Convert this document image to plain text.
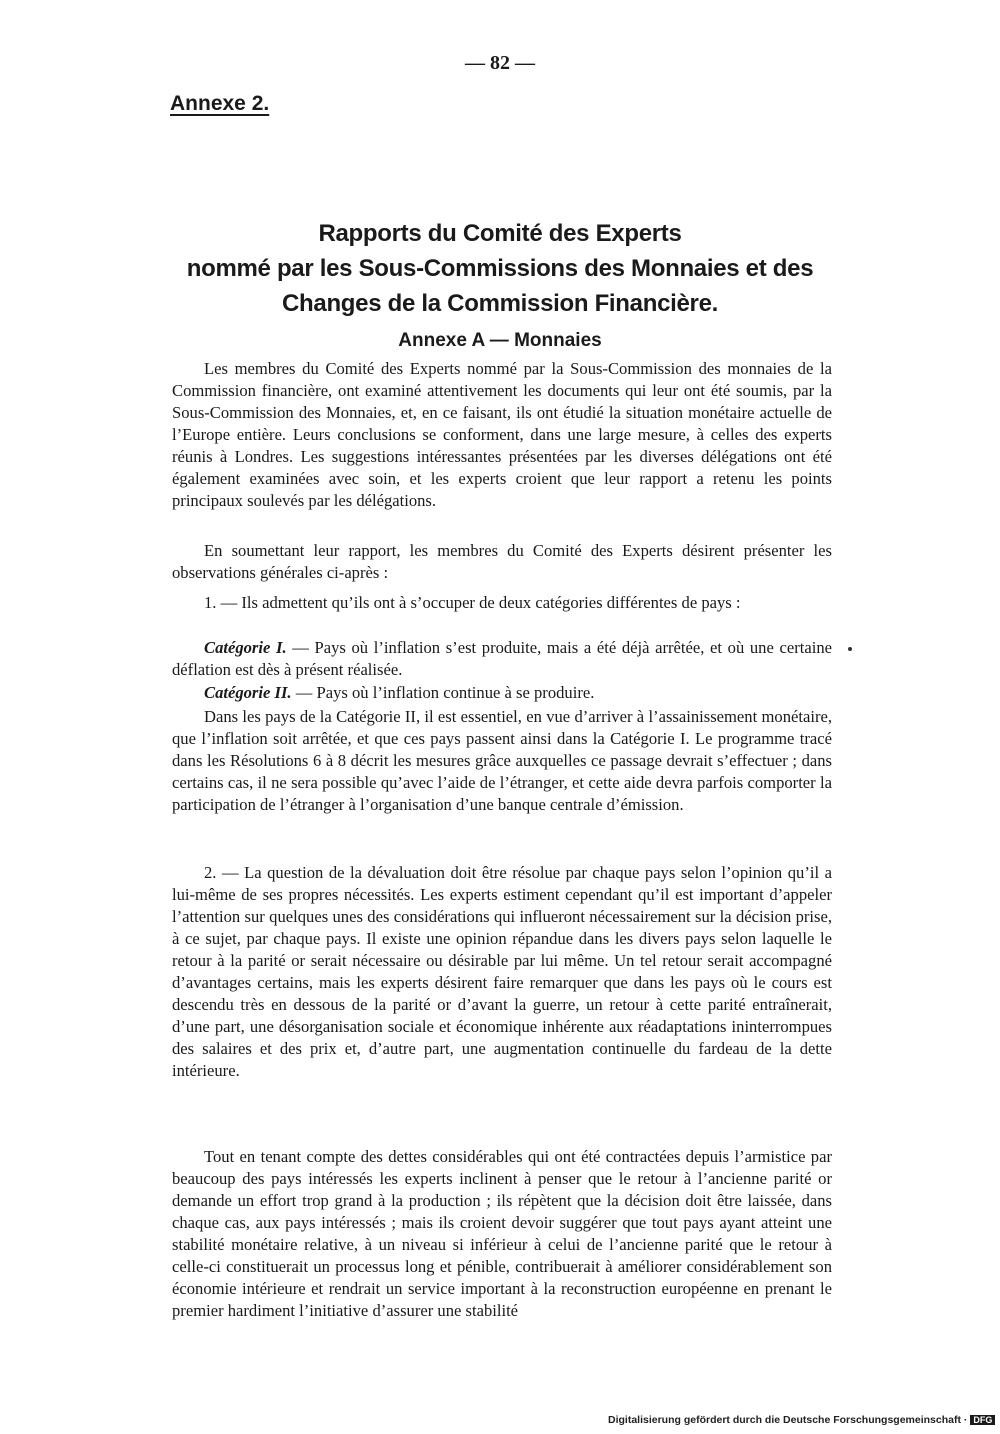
— 82 —
Annexe 2.
Rapports du Comité des Experts
nommé par les Sous-Commissions des Monnaies et des
Changes de la Commission Financière.
Annexe A — Monnaies

Les membres du Comité des Experts nommé par la Sous-Commission des monnaies de la Commission financière, ont examiné attentivement les documents qui leur ont été soumis, par la Sous-Commission des Monnaies, et, en ce faisant, ils ont étudié la situation monétaire actuelle de l’Europe entière. Leurs conclusions se conforment, dans une large mesure, à celles des experts réunis à Londres. Les suggestions intéressantes présentées par les diverses délégations ont été également examinées avec soin, et les experts croient que leur rapport a retenu les points principaux soulevés par les délégations.

En soumettant leur rapport, les membres du Comité des Experts désirent présenter les observations générales ci-après :

1. — Ils admettent qu’ils ont à s’occuper de deux catégories différentes de pays :

Catégorie I. — Pays où l’inflation s’est produite, mais a été déjà arrêtée, et où une certaine déflation est dès à présent réalisée.

Catégorie II. — Pays où l’inflation continue à se produire.

Dans les pays de la Catégorie II, il est essentiel, en vue d’arriver à l’assainissement monétaire, que l’inflation soit arrêtée, et que ces pays passent ainsi dans la Catégorie I. Le programme tracé dans les Résolutions 6 à 8 décrit les mesures grâce auxquelles ce passage devrait s’effectuer ; dans certains cas, il ne sera possible qu’avec l’aide de l’étranger, et cette aide devra parfois comporter la participation de l’étranger à l’organisation d’une banque centrale d’émission.

2. — La question de la dévaluation doit être résolue par chaque pays selon l’opinion qu’il a lui-même de ses propres nécessités. Les experts estiment cependant qu’il est important d’appeler l’attention sur quelques unes des considérations qui influeront nécessairement sur la décision prise, à ce sujet, par chaque pays. Il existe une opinion répandue dans les divers pays selon laquelle le retour à la parité or serait nécessaire ou désirable par lui même. Un tel retour serait accompagné d’avantages certains, mais les experts désirent faire remarquer que dans les pays où le cours est descendu très en dessous de la parité or d’avant la guerre, un retour à cette parité entraînerait, d’une part, une désorganisation sociale et économique inhérente aux réadaptations ininterrompues des salaires et des prix et, d’autre part, une augmentation continuelle du fardeau de la dette intérieure.

Tout en tenant compte des dettes considérables qui ont été contractées depuis l’armistice par beaucoup des pays intéressés les experts inclinent à penser que le retour à l’ancienne parité or demande un effort trop grand à la production ; ils répètent que la décision doit être laissée, dans chaque cas, aux pays intéressés ; mais ils croient devoir suggérer que tout pays ayant atteint une stabilité monétaire relative, à un niveau si inférieur à celui de l’ancienne parité que le retour à celle-ci constituerait un processus long et pénible, contribuerait à améliorer considérablement son économie intérieure et rendrait un service important à la reconstruction européenne en prenant le premier hardiment l’initiative d’assurer une stabilité

Digitalisierung gefördert durch die Deutsche Forschungsgemeinschaft · DFG
